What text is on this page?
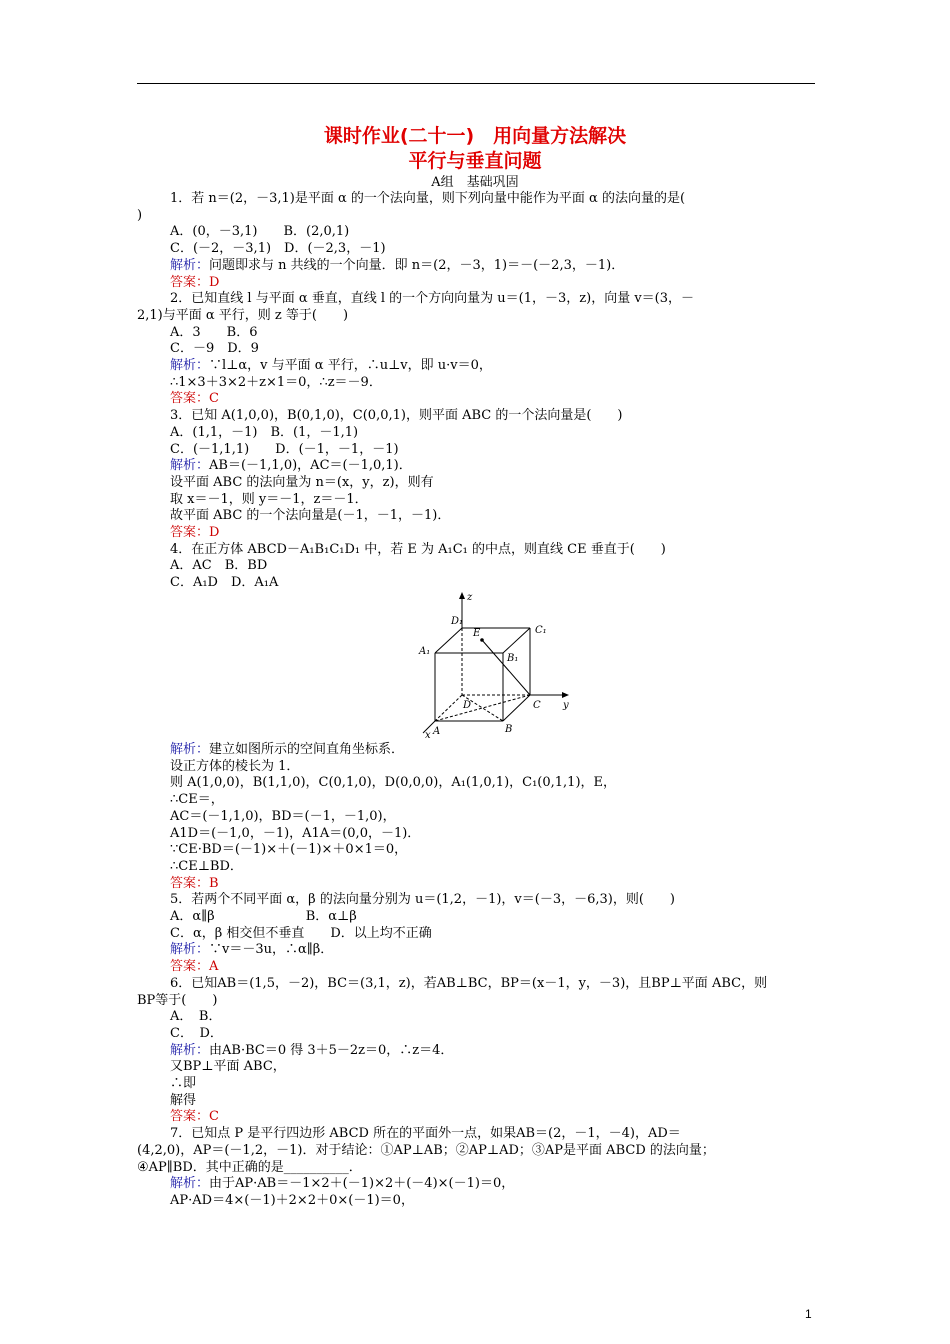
课时作业(二十一)　用向量方法解决
平行与垂直问题
A组　基础巩固
1．若 n＝(2，－3,1)是平面 α 的一个法向量，则下列向量中能作为平面 α 的法向量的是(
)
A．(0，－3,1)　　B．(2,0,1)
C．(－2，－3,1)　D．(－2,3，－1)
解析：问题即求与 n 共线的一个向量．即 n＝(2，－3，1)＝－(－2,3，－1)．
答案：D
2．已知直线 l 与平面 α 垂直，直线 l 的一个方向向量为 u＝(1，－3，z)，向量 v＝(3，－
2,1)与平面 α 平行，则 z 等于(　　)
A．3　　B．6
C．－9　D．9
解析：∵l⊥α，v 与平面 α 平行，∴u⊥v，即 u·v＝0，
∴1×3＋3×2＋z×1＝0，∴z＝－9．
答案：C
3．已知 A(1,0,0)，B(0,1,0)，C(0,0,1)，则平面 ABC 的一个法向量是(　　)
A．(1,1，－1)　B．(1，－1,1)
C．(－1,1,1)　　D．(－1，－1，－1)
解析：AB＝(－1,1,0)，AC＝(－1,0,1)．
设平面 ABC 的法向量为 n＝(x，y，z)，则有
取 x＝－1，则 y＝－1，z＝－1．
故平面 ABC 的一个法向量是(－1，－1，－1)．
答案：D
4．在正方体 ABCD－A₁B₁C₁D₁ 中，若 E 为 A₁C₁ 的中点，则直线 CE 垂直于(　　)
A．AC　B．BD
C．A₁D　D．A₁A
z
y
x
D₁
C₁
A₁
B₁
E
D	C
A	B
解析：建立如图所示的空间直角坐标系．
设正方体的棱长为 1．
则 A(1,0,0)，B(1,1,0)，C(0,1,0)，D(0,0,0)，A₁(1,0,1)，C₁(0,1,1)，E，
∴CE＝，
AC＝(－1,1,0)，BD＝(－1，－1,0)，
A1D＝(－1,0，－1)，A1A＝(0,0，－1)．
∵CE·BD＝(－1)×＋(－1)×＋0×1＝0，
∴CE⊥BD．
答案：B
5．若两个不同平面 α，β 的法向量分别为 u＝(1,2，－1)，v＝(－3，－6,3)，则(　　)
A．α∥β　　　　　　　B．α⊥β
C．α，β 相交但不垂直　　D．以上均不正确
解析：∵v＝－3u，∴α∥β．
答案：A
6．已知AB＝(1,5，－2)，BC＝(3,1，z)，若AB⊥BC，BP＝(x－1，y，－3)，且BP⊥平面 ABC，则
BP等于(　　)
A．　B．
C．　D．
解析：由AB·BC＝0 得 3＋5－2z＝0，∴z＝4．
又BP⊥平面 ABC，
∴即
解得
答案：C
7．已知点 P 是平行四边形 ABCD 所在的平面外一点，如果AB＝(2，－1，－4)，AD＝
(4,2,0)，AP＝(－1,2，－1)．对于结论：①AP⊥AB；②AP⊥AD；③AP是平面 ABCD 的法向量；
④AP∥BD．其中正确的是__________．
解析：由于AP·AB＝－1×2＋(－1)×2＋(－4)×(－1)＝0，
AP·AD＝4×(－1)＋2×2＋0×(－1)＝0，
1
